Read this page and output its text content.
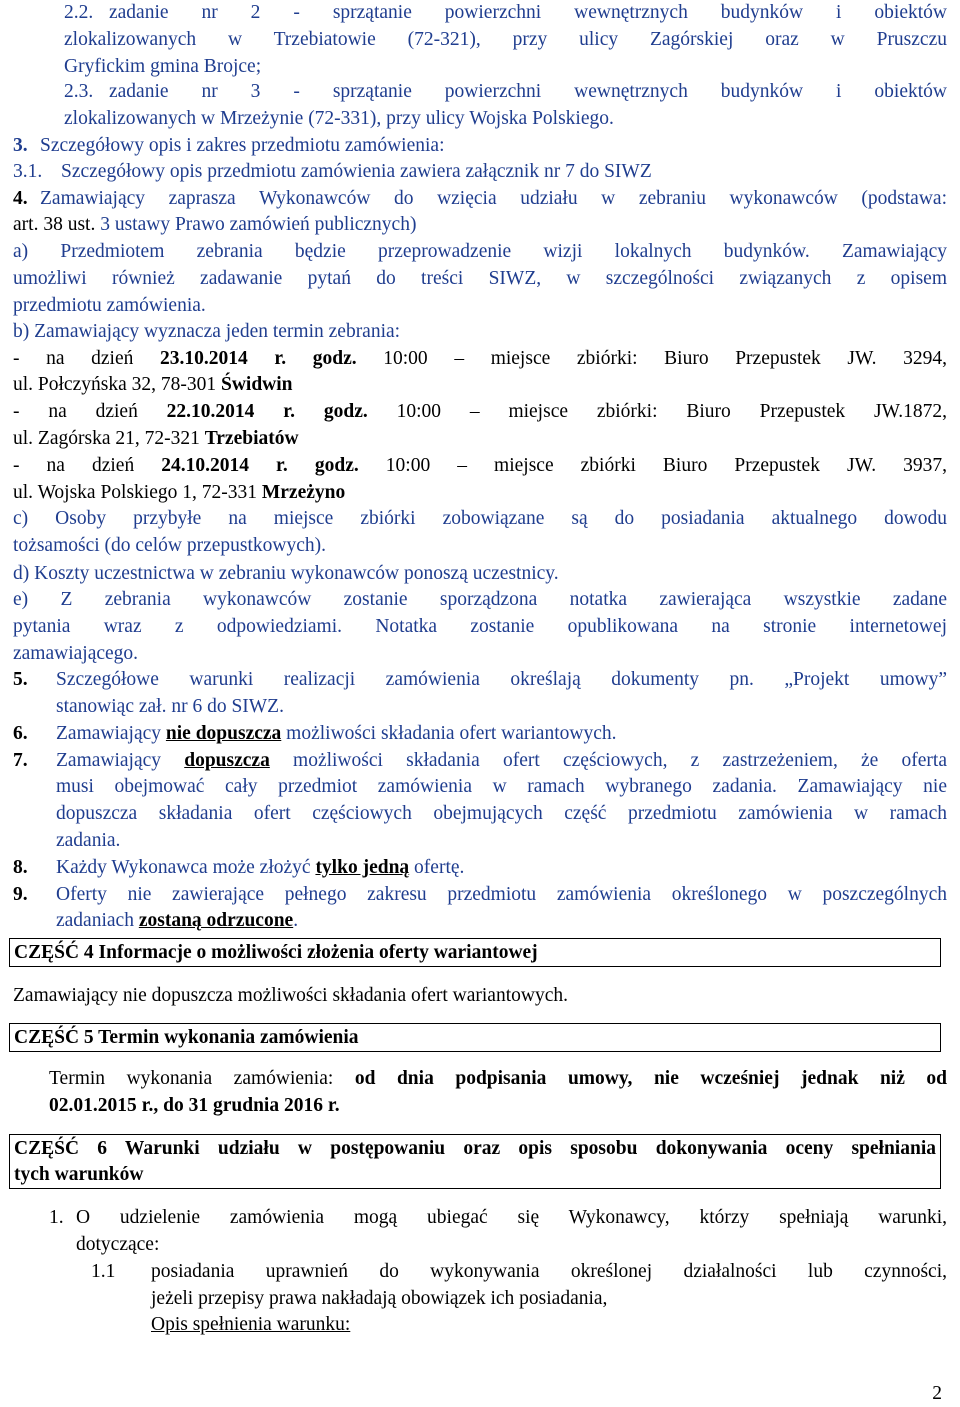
2.2. zadanie nr 2 - sprzątanie powierzchni wewnętrznych budynków i obiektów
zlokalizowanych w Trzebiatowie (72-321), przy ulicy Zagórskiej oraz w Pruszczu
Gryfickim gmina Brojce;
2.3. zadanie nr 3 - sprzątanie powierzchni wewnętrznych budynków i obiektów
zlokalizowanych w Mrzeżynie (72-331), przy ulicy Wojska Polskiego.
3. Szczegółowy opis i zakres przedmiotu zamówienia:
3.1. Szczegółowy opis przedmiotu zamówienia zawiera załącznik nr 7 do SIWZ
4. Zamawiający zaprasza Wykonawców do wzięcia udziału w zebraniu wykonawców (podstawa:
art. 38 ust. 3 ustawy Prawo zamówień publicznych)
a) Przedmiotem zebrania będzie przeprowadzenie wizji lokalnych budynków. Zamawiający
umożliwi również zadawanie pytań do treści SIWZ, w szczególności związanych z opisem
przedmiotu zamówienia.
b) Zamawiający wyznacza jeden termin zebrania:
- na dzień 23.10.2014 r. godz. 10:00 – miejsce zbiórki: Biuro Przepustek JW. 3294,
ul. Połczyńska 32, 78-301 Świdwin
- na dzień 22.10.2014 r. godz. 10:00 – miejsce zbiórki: Biuro Przepustek JW.1872,
ul. Zagórska 21, 72-321 Trzebiatów
- na dzień 24.10.2014 r. godz. 10:00 – miejsce zbiórki Biuro Przepustek JW. 3937,
ul. Wojska Polskiego 1, 72-331 Mrzeżyno
c) Osoby przybyłe na miejsce zbiórki zobowiązane są do posiadania aktualnego dowodu
tożsamości (do celów przepustkowych).
d) Koszty uczestnictwa w zebraniu wykonawców ponoszą uczestnicy.
e) Z zebrania wykonawców zostanie sporządzona notatka zawierająca wszystkie zadane
pytania wraz z odpowiedziami. Notatka zostanie opublikowana na stronie internetowej
zamawiającego.
5. Szczegółowe warunki realizacji zamówienia określają dokumenty pn. „Projekt umowy”
stanowiąc zał. nr 6 do SIWZ.
6. Zamawiający nie dopuszcza możliwości składania ofert wariantowych.
7. Zamawiający dopuszcza możliwości składania ofert częściowych, z zastrzeżeniem, że oferta
musi obejmować cały przedmiot zamówienia w ramach wybranego zadania. Zamawiający nie
dopuszcza składania ofert częściowych obejmujących część przedmiotu zamówienia w ramach
zadania.
8. Każdy Wykonawca może złożyć tylko jedną ofertę.
9. Oferty nie zawierające pełnego zakresu przedmiotu zamówienia określonego w poszczególnych
zadaniach zostaną odrzucone.
CZĘŚĆ 4 Informacje o możliwości złożenia oferty wariantowej
Zamawiający nie dopuszcza możliwości składania ofert wariantowych.
CZĘŚĆ 5 Termin wykonania zamówienia
Termin wykonania zamówienia: od dnia podpisania umowy, nie wcześniej jednak niż od
02.01.2015 r., do 31 grudnia 2016 r.
CZĘŚĆ 6 Warunki udziału w postępowaniu oraz opis sposobu dokonywania oceny spełniania
tych warunków
1. O udzielenie zamówienia mogą ubiegać się Wykonawcy, którzy spełniają warunki,
dotyczące:
1.1 posiadania uprawnień do wykonywania określonej działalności lub czynności,
jeżeli przepisy prawa nakładają obowiązek ich posiadania,
Opis spełnienia warunku:
2
